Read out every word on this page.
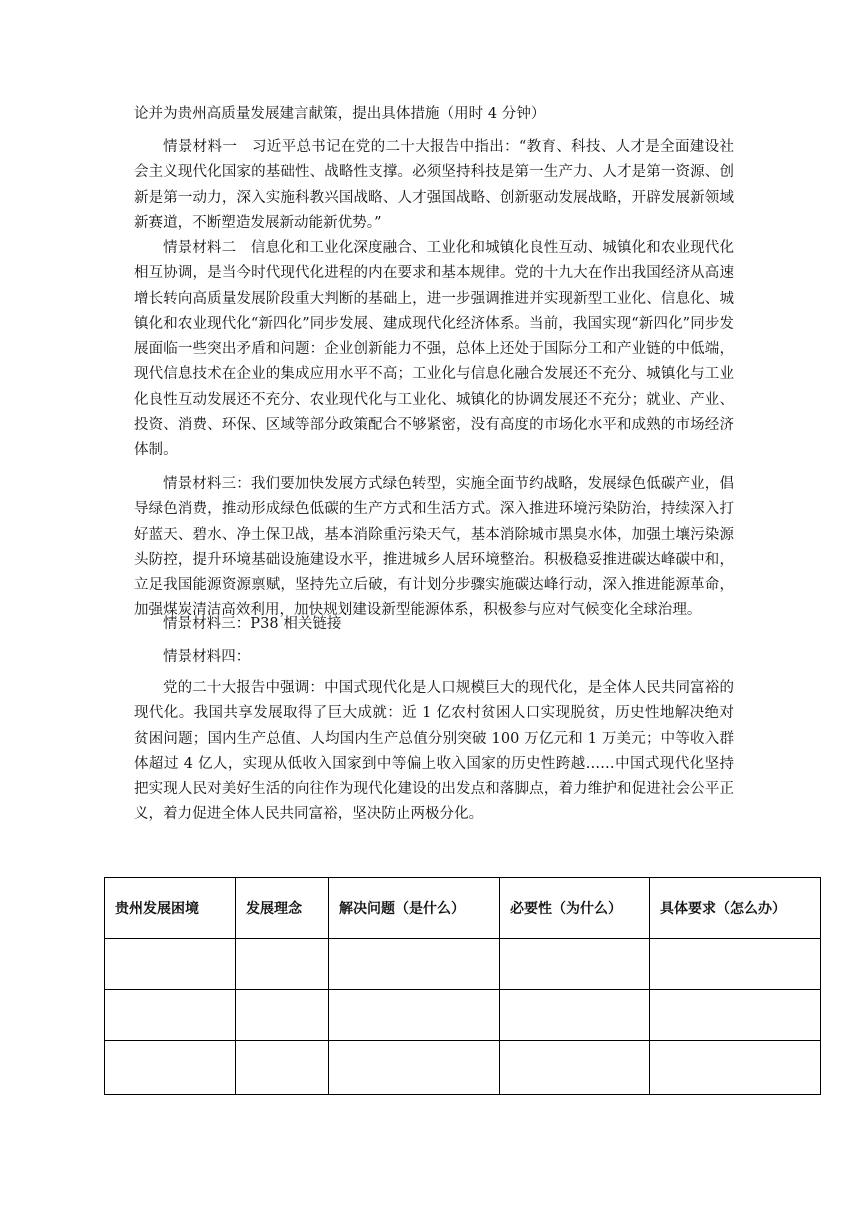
论并为贵州高质量发展建言献策，提出具体措施（用时 4 分钟）

情景材料一　习近平总书记在党的二十大报告中指出：“教育、科技、人才是全面建设社会主义现代化国家的基础性、战略性支撑。必须坚持科技是第一生产力、人才是第一资源、创新是第一动力，深入实施科教兴国战略、人才强国战略、创新驱动发展战略，开辟发展新领域新赛道，不断塑造发展新动能新优势。”

情景材料二　信息化和工业化深度融合、工业化和城镇化良性互动、城镇化和农业现代化相互协调，是当今时代现代化进程的内在要求和基本规律。党的十九大在作出我国经济从高速增长转向高质量发展阶段重大判断的基础上，进一步强调推进并实现新型工业化、信息化、城镇化和农业现代化“新四化”同步发展、建成现代化经济体系。当前，我国实现“新四化”同步发展面临一些突出矛盾和问题：企业创新能力不强，总体上还处于国际分工和产业链的中低端，现代信息技术在企业的集成应用水平不高；工业化与信息化融合发展还不充分、城镇化与工业化良性互动发展还不充分、农业现代化与工业化、城镇化的协调发展还不充分；就业、产业、投资、消费、环保、区域等部分政策配合不够紧密，没有高度的市场化水平和成熟的市场经济体制。

情景材料三：我们要加快发展方式绿色转型，实施全面节约战略，发展绿色低碳产业，倡导绿色消费，推动形成绿色低碳的生产方式和生活方式。深入推进环境污染防治，持续深入打好蓝天、碧水、净土保卫战，基本消除重污染天气，基本消除城市黑臭水体，加强土壤污染源头防控，提升环境基础设施建设水平，推进城乡人居环境整治。积极稳妥推进碳达峰碳中和，立足我国能源资源禀赋，坚持先立后破，有计划分步骤实施碳达峰行动，深入推进能源革命，加强煤炭清洁高效利用，加快规划建设新型能源体系，积极参与应对气候变化全球治理。

情景材料三：P38 相关链接

情景材料四：

党的二十大报告中强调：中国式现代化是人口规模巨大的现代化，是全体人民共同富裕的现代化。我国共享发展取得了巨大成就：近 1 亿农村贫困人口实现脱贫，历史性地解决绝对贫困问题；国内生产总值、人均国内生产总值分别突破 100 万亿元和 1 万美元；中等收入群体超过 4 亿人，实现从低收入国家到中等偏上收入国家的历史性跨越……中国式现代化坚持把实现人民对美好生活的向往作为现代化建设的出发点和落脚点，着力维护和促进社会公平正义，着力促进全体人民共同富裕，坚决防止两极分化。

贵州发展困境	发展理念	解决问题（是什么）	必要性（为什么）	具体要求（怎么办）
